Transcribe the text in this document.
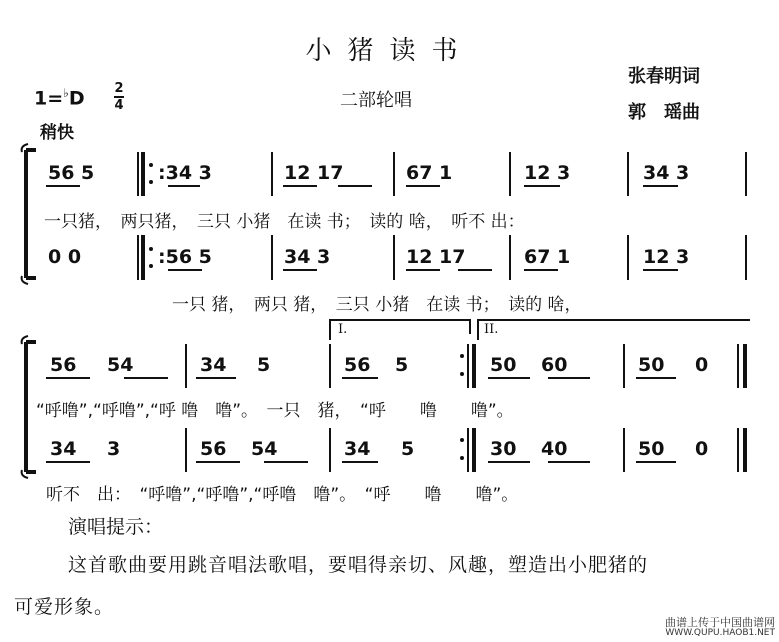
小猪读书
二部轮唱
张春明词
郭　瑶曲
1=♭D 2
4
稍快
56 5	:34 3	12 17	67 1	12 3	34 3
一只猪，　两只猪，　三只 小猪　在读 书；　读的 啥，　听不 出：
0 0	:56 5	34 3	12 17	67 1	12 3
一只 猪，　两只 猪，　三只 小猪　在读 书；　读的 啥，
I.	II.
56 54	34 5	56 5	50 60	50 0
“呼噜”,“呼噜”,“呼 噜　噜”。　一只　猪，　“呼　　噜　　噜”。
34 3	56 54	34 5	30 40	50 0
听不　出：　“呼噜”,“呼噜”,“呼噜　噜”。　“呼　　噜　　噜”。
演唱提示：
这首歌曲要用跳音唱法歌唱，要唱得亲切、风趣，塑造出小肥猪的
可爱形象。
曲谱上传于中国曲谱网
WWW.QUPU.HAOB1.NET
